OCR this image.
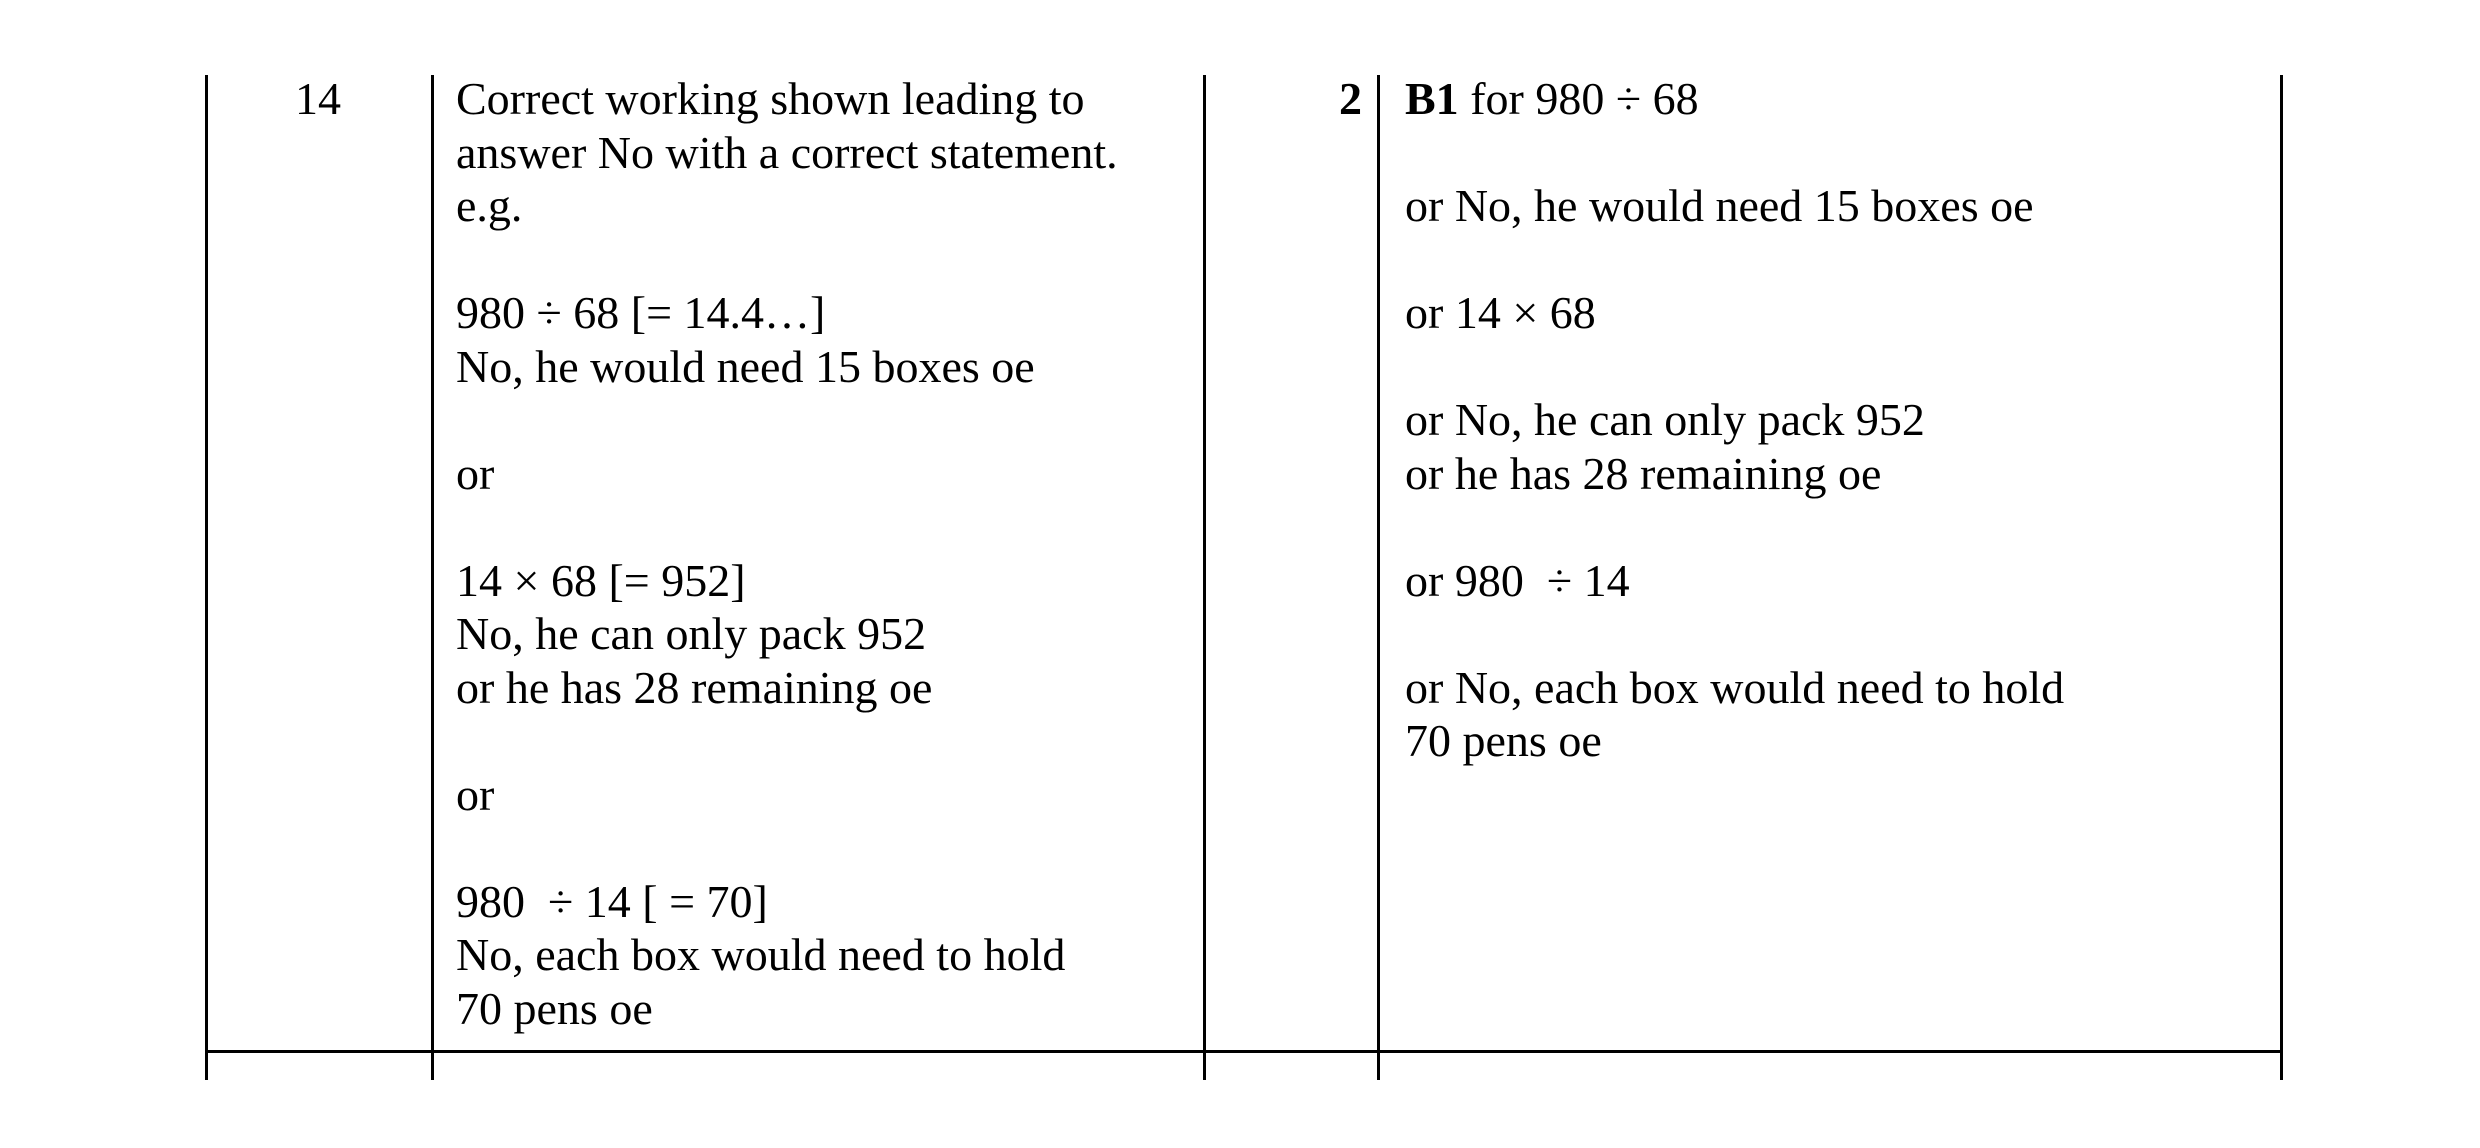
14	Correct working shown leading to
answer No with a correct statement.
e.g.
980 ÷ 68 [= 14.4…]
No, he would need 15 boxes oe
or
14 × 68 [= 952]
No, he can only pack 952
or he has 28 remaining oe
or
980  ÷ 14 [ = 70]
No, each box would need to hold
70 pens oe
2 B1 for 980 ÷ 68
or No, he would need 15 boxes oe
or 14 × 68
or No, he can only pack 952
or he has 28 remaining oe
or 980  ÷ 14
or No, each box would need to hold
70 pens oe
